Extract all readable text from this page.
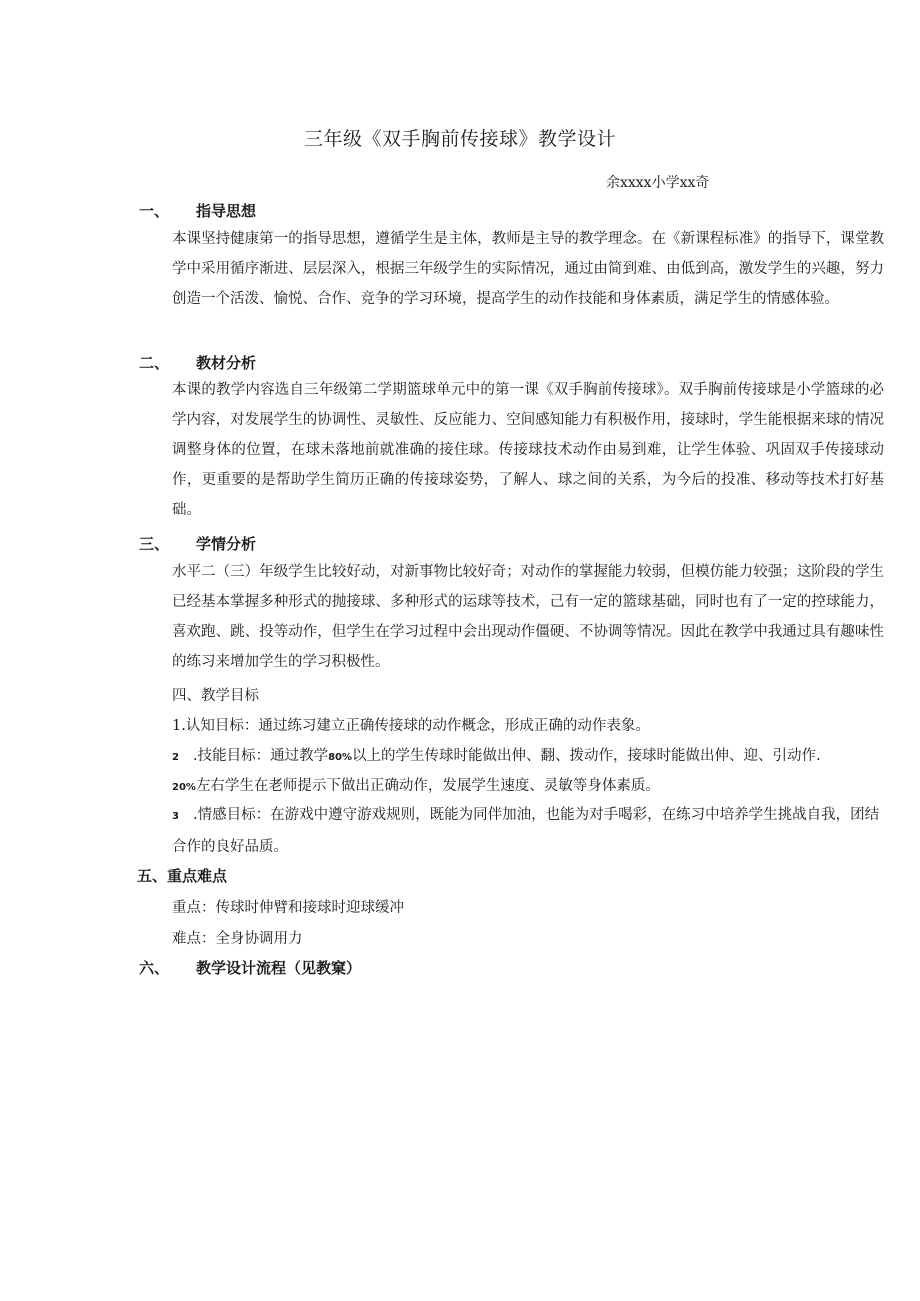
三年级《双手胸前传接球》教学设计
余xxxx小学xx奇
一、 指导思想
本课坚持健康第一的指导思想，遵循学生是主体，教师是主导的教学理念。在《新课程标准》的指导下，课堂教学中采用循序渐进、层层深入，根据三年级学生的实际情况，通过由简到难、由低到高，激发学生的兴趣，努力创造一个活泼、愉悦、合作、竞争的学习环境，提高学生的动作技能和身体素质，满足学生的情感体验。
二、 教材分析
本课的教学内容选自三年级第二学期篮球单元中的第一课《双手胸前传接球》。双手胸前传接球是小学篮球的必学内容，对发展学生的协调性、灵敏性、反应能力、空间感知能力有积极作用，接球时，学生能根据来球的情况调整身体的位置，在球未落地前就准确的接住球。传接球技术动作由易到难，让学生体验、巩固双手传接球动作，更重要的是帮助学生简历正确的传接球姿势，了解人、球之间的关系，为今后的投准、移动等技术打好基础。
三、 学情分析
水平二（三）年级学生比较好动，对新事物比较好奇；对动作的掌握能力较弱，但模仿能力较强；这阶段的学生已经基本掌握多种形式的抛接球、多种形式的运球等技术，己有一定的篮球基础，同时也有了一定的控球能力，喜欢跑、跳、投等动作，但学生在学习过程中会出现动作僵硬、不协调等情况。因此在教学中我通过具有趣味性的练习来增加学生的学习积极性。
四、教学目标
1.认知目标：通过练习建立正确传接球的动作概念，形成正确的动作表象。
2 .技能目标：通过教学80%以上的学生传球时能做出伸、翻、拨动作，接球时能做出伸、迎、引动作.
20%左右学生在老师提示下做出正确动作，发展学生速度、灵敏等身体素质。
3 .情感目标：在游戏中遵守游戏规则，既能为同伴加油，也能为对手喝彩，在练习中培养学生挑战自我，团结合作的良好品质。
五、重点难点
重点：传球时伸臂和接球时迎球缓冲
难点：全身协调用力
六、 教学设计流程（见教窠）
